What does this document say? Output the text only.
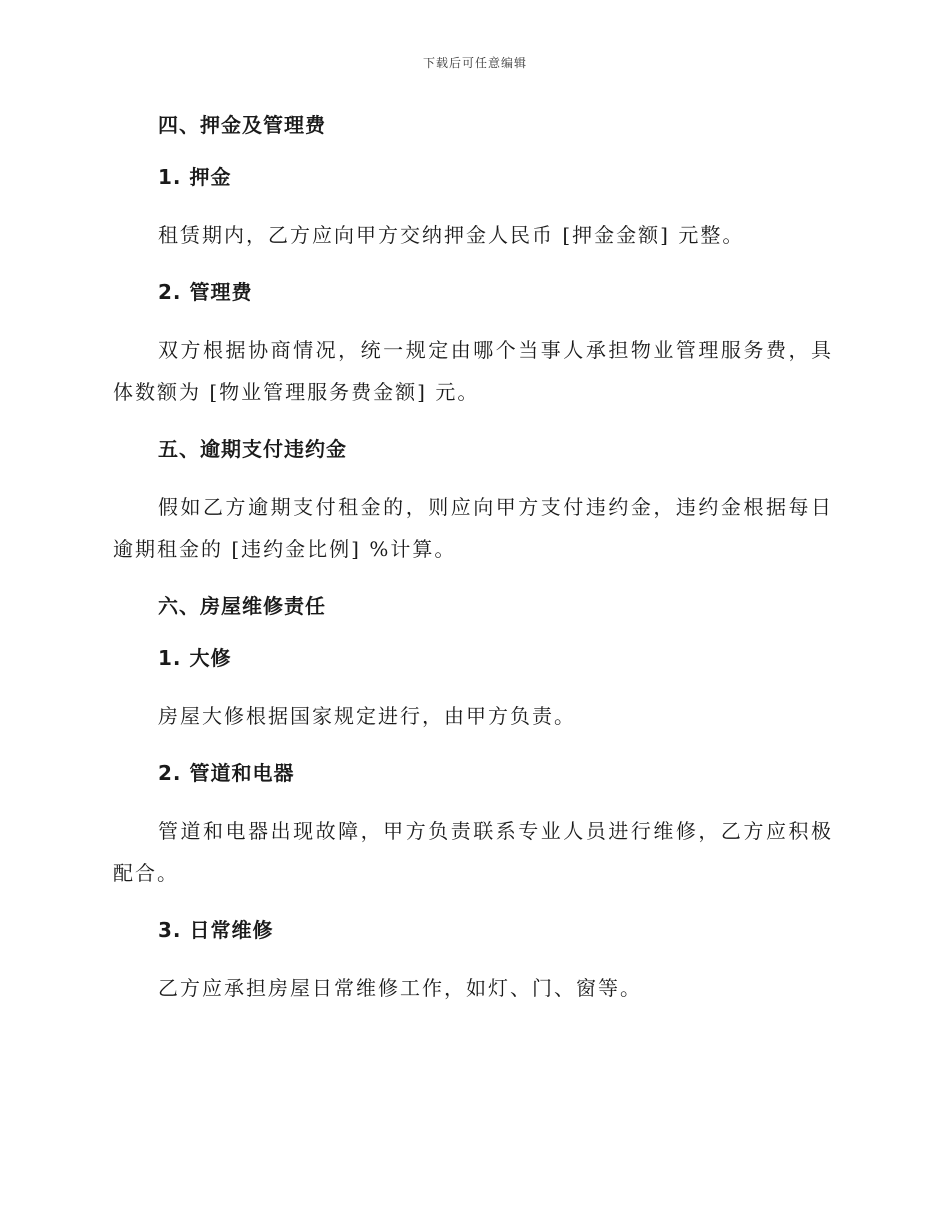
下载后可任意编辑
四、押金及管理费
1. 押金
租赁期内，乙方应向甲方交纳押金人民币 [押金金额] 元整。
2. 管理费
双方根据协商情况，统一规定由哪个当事人承担物业管理服务费，具体数额为 [物业管理服务费金额] 元。
五、逾期支付违约金
假如乙方逾期支付租金的，则应向甲方支付违约金，违约金根据每日逾期租金的 [违约金比例] %计算。
六、房屋维修责任
1. 大修
房屋大修根据国家规定进行，由甲方负责。
2. 管道和电器
管道和电器出现故障，甲方负责联系专业人员进行维修，乙方应积极配合。
3. 日常维修
乙方应承担房屋日常维修工作，如灯、门、窗等。
